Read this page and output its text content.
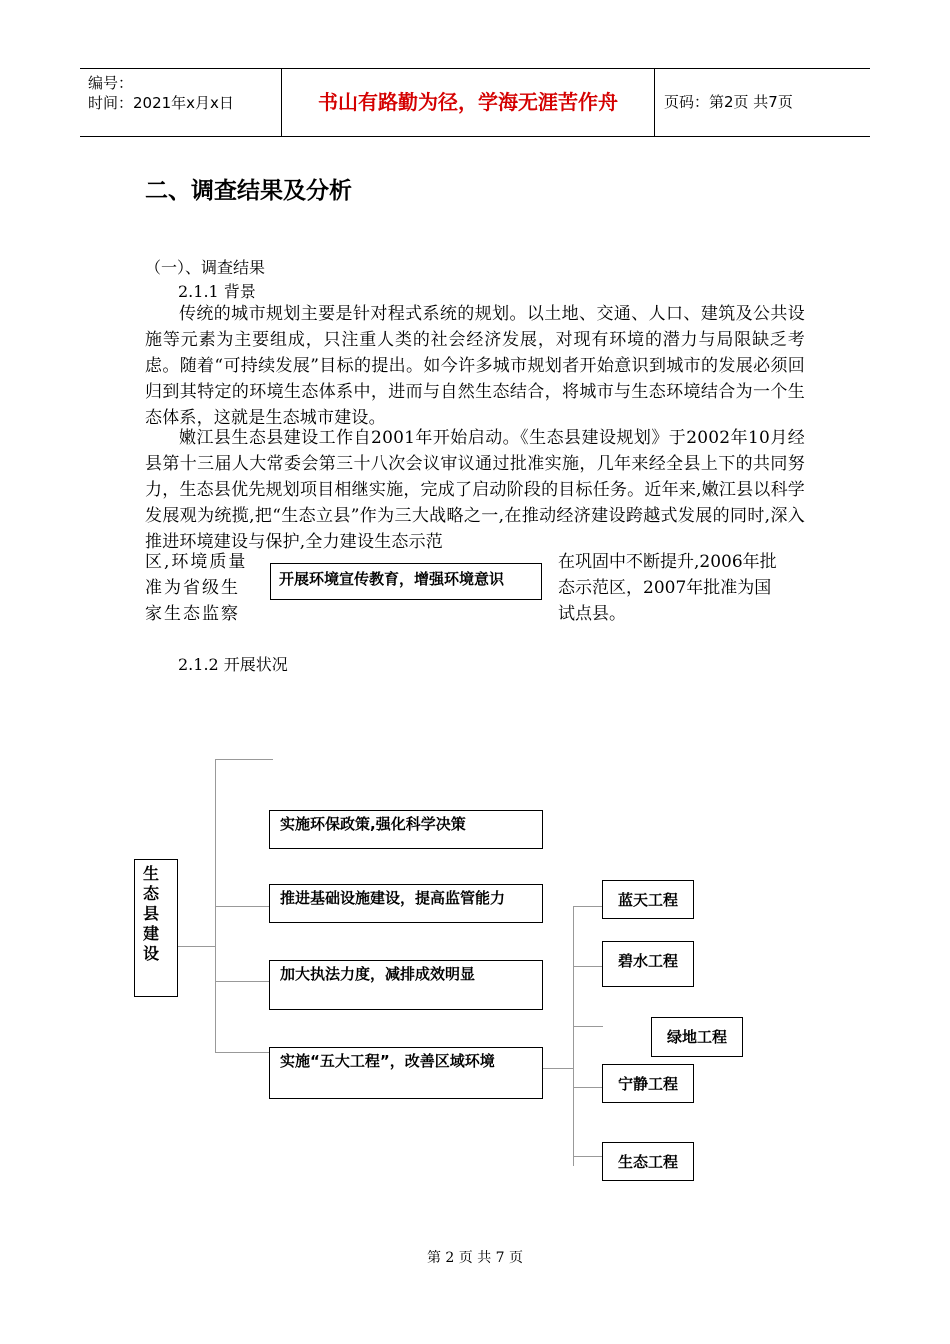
编号：
时间：2021年x月x日	书山有路勤为径，学海无涯苦作舟	页码：第2页 共7页
二、调查结果及分析
（一）、调查结果
2.1.1 背景

传统的城市规划主要是针对程式系统的规划。以土地、交通、人口、建筑及公共设施等元素为主要组成，只注重人类的社会经济发展，对现有环境的潜力与局限缺乏考虑。随着“可持续发展”目标的提出。如今许多城市规划者开始意识到城市的发展必须回归到其特定的环境生态体系中，进而与自然生态结合，将城市与生态环境结合为一个生态体系，这就是生态城市建设。

嫩江县生态县建设工作自2001年开始启动。《生态县建设规划》于2002年10月经县第十三届人大常委会第三十八次会议审议通过批准实施，几年来经全县上下的共同努力，生态县优先规划项目相继实施，完成了启动阶段的目标任务。近年来,嫩江县以科学发展观为统揽,把“生态立县”作为三大战略之一,在推动经济建设跨越式发展的同时,深入推进环境建设与保护,全力建设生态示范

区,环境质量
准为省级生
家生态监察
在巩固中不断提升,2006年批
态示范区，2007年批准为国
试点县。
开展环境宣传教育，增强环境意识
2.1.2 开展状况
生态县建设
实施环保政策,强化科学决策
推进基础设施建设，提高监管能力
加大执法力度，减排成效明显
实施“五大工程”，改善区域环境
蓝天工程
碧水工程
绿地工程
宁静工程
生态工程
第 2 页 共 7 页
